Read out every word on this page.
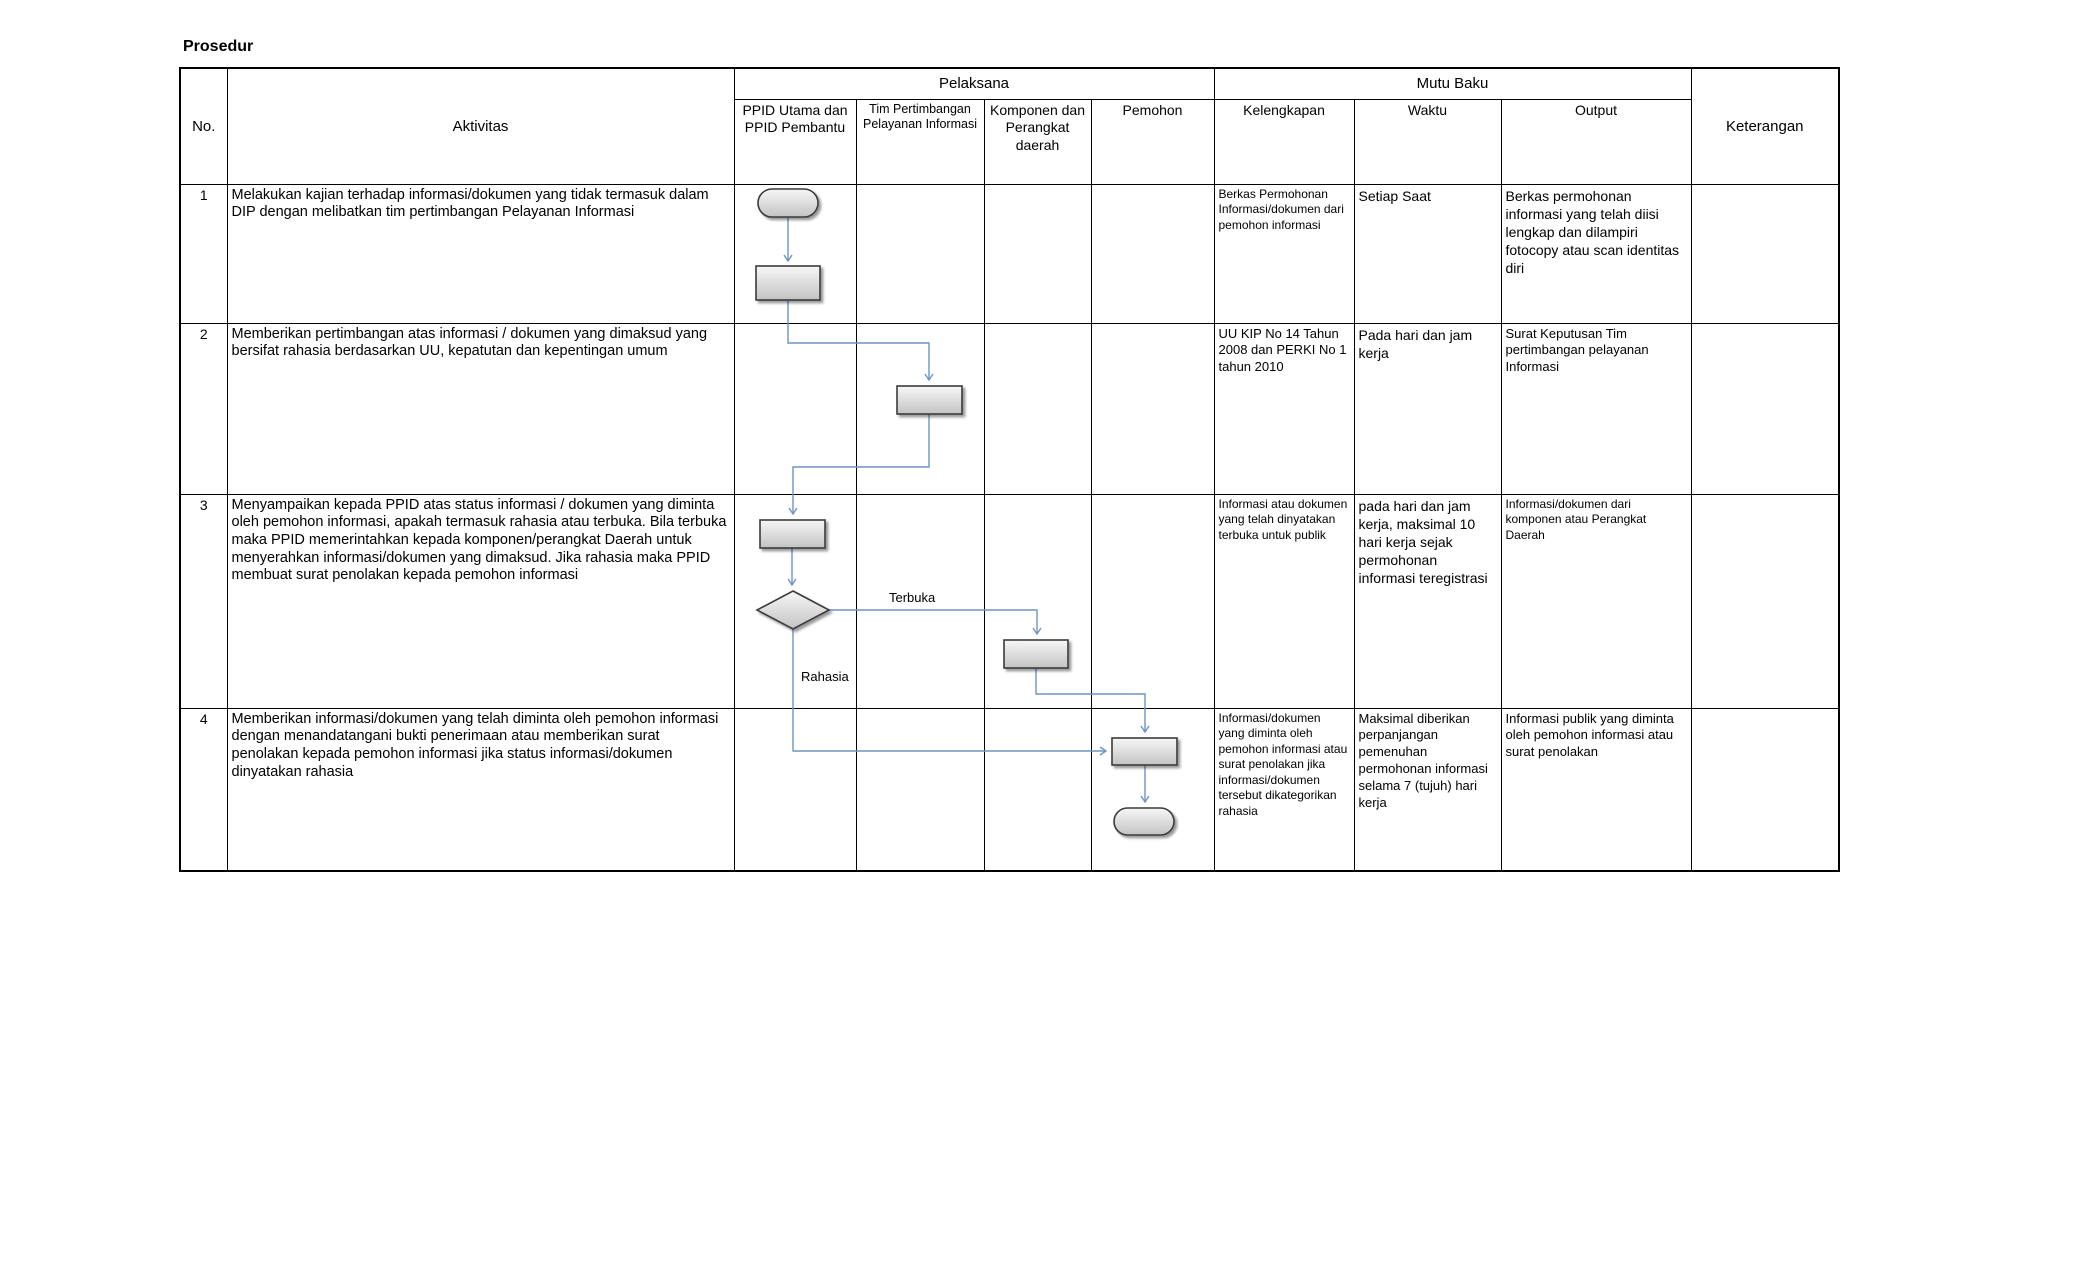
Prosedur
No.	Aktivitas	Pelaksana				Mutu Baku			Keterangan
		PPID Utama dan PPID Pembantu	Tim Pertimbangan Pelayanan Informasi	Komponen dan Perangkat daerah	Pemohon	Kelengkapan	Waktu	Output	
1	Melakukan kajian terhadap informasi/dokumen yang tidak termasuk dalam DIP dengan melibatkan tim pertimbangan Pelayanan Informasi					Berkas Permohonan Informasi/dokumen dari pemohon informasi	Setiap Saat	Berkas permohonan informasi yang telah diisi lengkap dan dilampiri fotocopy atau scan identitas diri	
2	Memberikan pertimbangan atas informasi / dokumen yang dimaksud yang bersifat rahasia berdasarkan UU, kepatutan dan kepentingan umum					UU KIP No 14 Tahun 2008 dan PERKI No 1 tahun 2010	Pada hari dan jam kerja	Surat Keputusan Tim pertimbangan pelayanan Informasi	
3	Menyampaikan kepada PPID atas status informasi / dokumen yang diminta oleh pemohon informasi, apakah termasuk rahasia atau terbuka. Bila terbuka maka PPID memerintahkan kepada komponen/perangkat Daerah untuk menyerahkan informasi/dokumen yang dimaksud. Jika rahasia maka PPID membuat surat penolakan kepada pemohon informasi					Informasi atau dokumen yang telah dinyatakan terbuka untuk publik	pada hari dan jam kerja, maksimal 10 hari kerja sejak permohonan informasi teregistrasi	Informasi/dokumen dari komponen atau Perangkat Daerah	
4	Memberikan informasi/dokumen yang telah diminta oleh pemohon informasi dengan menandatangani bukti penerimaan atau memberikan surat penolakan kepada pemohon informasi jika status informasi/dokumen dinyatakan rahasia					Informasi/dokumen yang diminta oleh pemohon informasi atau surat penolakan jika informasi/dokumen tersebut dikategorikan rahasia	Maksimal diberikan perpanjangan pemenuhan permohonan informasi selama 7 (tujuh) hari kerja	Informasi publik yang diminta oleh pemohon informasi atau surat penolakan	
Terbuka
Rahasia
